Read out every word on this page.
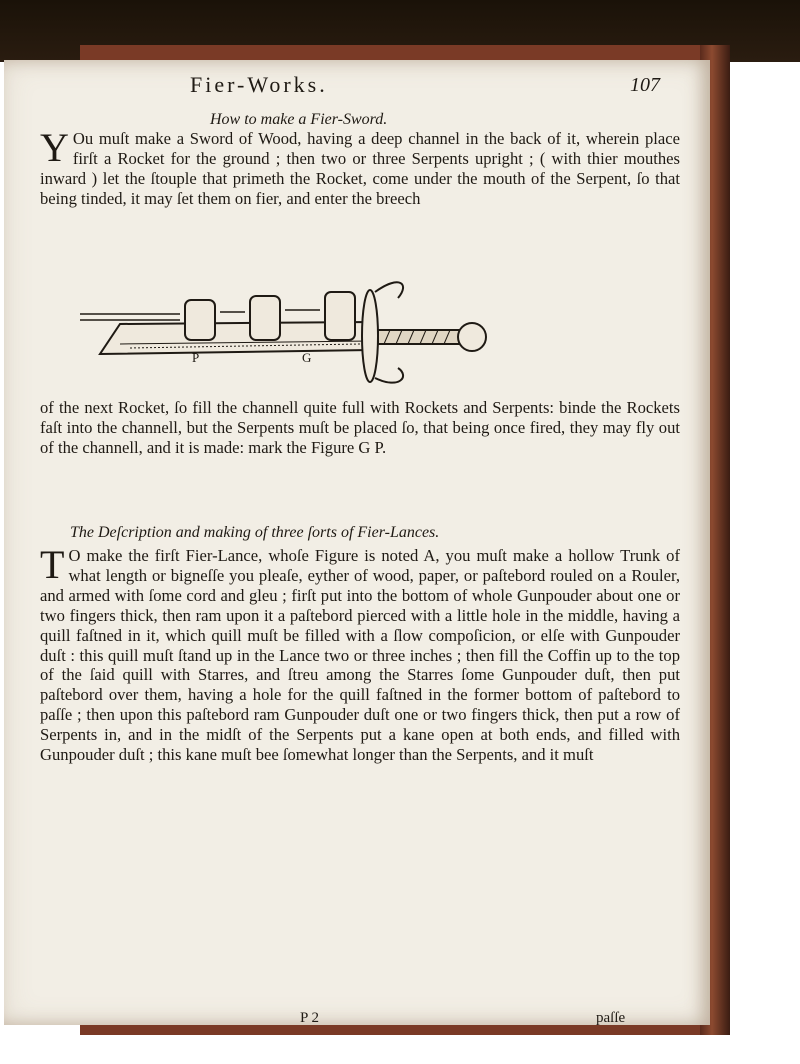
Fier-Works.	107
How to make a Fier-Sword.
Y Ou muſt make a Sword of Wood, having a deep channel in the back of it, wherein place firſt a Rocket for the ground ; then two or three Serpents upright ; ( with thier mouthes inward ) let the ſtouple that primeth the Rocket, come under the mouth of the Serpent, ſo that being tinded, it may ſet them on fier, and enter the breech
P	G
of the next Rocket, ſo fill the channell quite full with Rockets and Serpents: binde the Rockets faſt into the channell, but the Serpents muſt be placed ſo, that being once fired, they may fly out of the channell, and it is made: mark the Figure G P.
The Deſcription and making of three ſorts of Fier-Lances.
T O make the firſt Fier-Lance, whoſe Figure is noted A, you muſt make a hollow Trunk of what length or bigneſſe you pleaſe, eyther of wood, paper, or paſtebord rouled on a Rouler, and armed with ſome cord and gleu ; firſt put into the bottom of whole Gunpouder about one or two fingers thick, then ram upon it a paſtebord pierced with a little hole in the middle, having a quill faſtned in it, which quill muſt be filled with a ſlow compoſicion, or elſe with Gunpouder duſt : this quill muſt ſtand up in the Lance two or three inches ; then fill the Coffin up to the top of the ſaid quill with Starres, and ſtreu among the Starres ſome Gunpouder duſt, then put paſtebord over them, having a hole for the quill faſtned in the former bottom of paſtebord to paſſe ; then upon this paſtebord ram Gunpouder duſt one or two fingers thick, then put a row of Serpents in, and in the midſt of the Serpents put a kane open at both ends, and filled with Gunpouder duſt ; this kane muſt bee ſomewhat longer than the Serpents, and it muſt
P 2	paſſe
